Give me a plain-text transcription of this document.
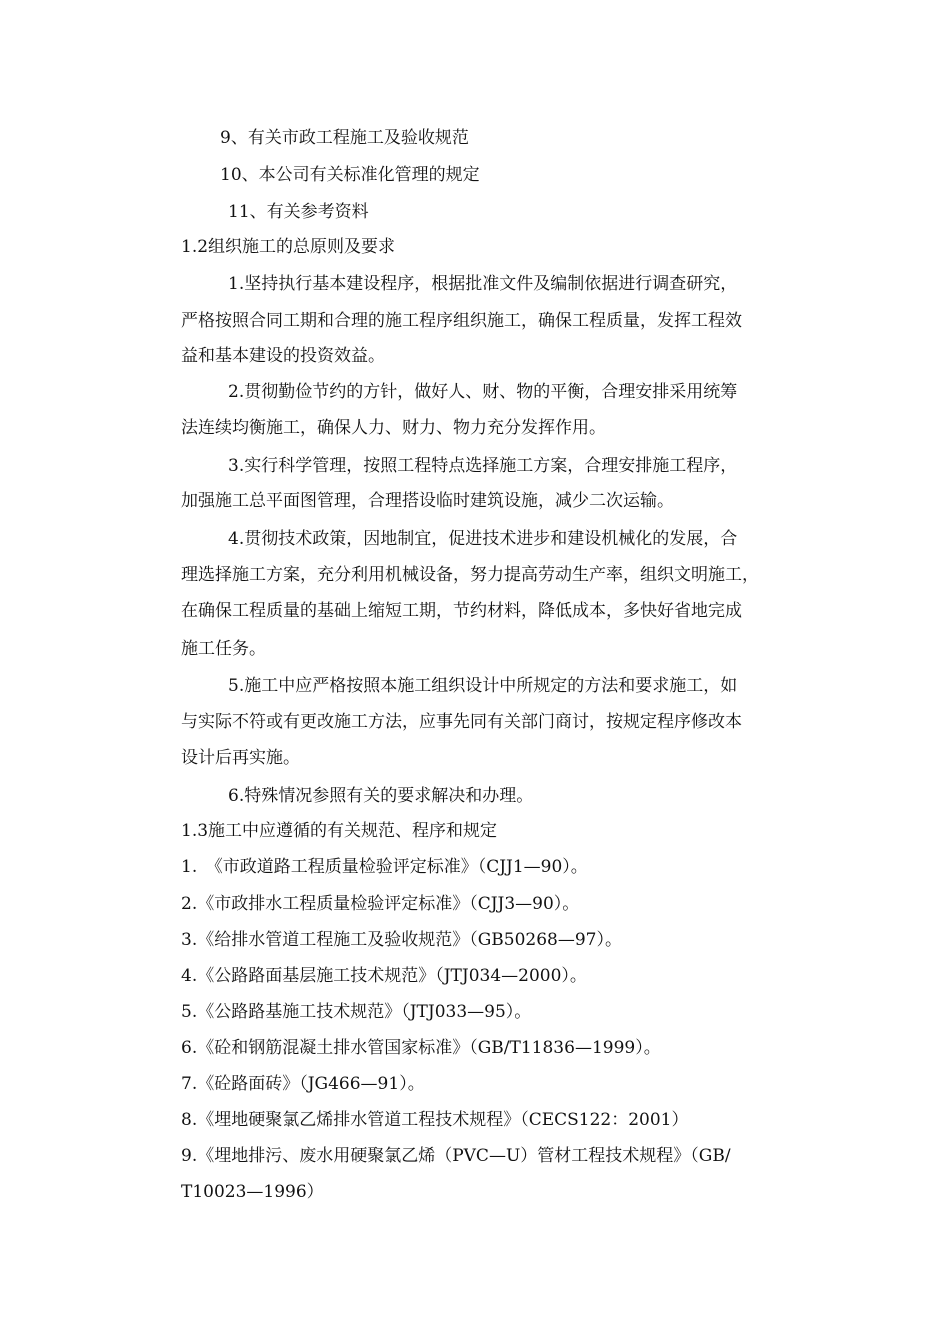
9、有关市政工程施工及验收规范
10、本公司有关标准化管理的规定
11、有关参考资料
1.2组织施工的总原则及要求
1.坚持执行基本建设程序，根据批准文件及编制依据进行调查研究，
严格按照合同工期和合理的施工程序组织施工，确保工程质量，发挥工程效
益和基本建设的投资效益。
2.贯彻勤俭节约的方针，做好人、财、物的平衡，合理安排采用统筹
法连续均衡施工，确保人力、财力、物力充分发挥作用。
3.实行科学管理，按照工程特点选择施工方案，合理安排施工程序，
加强施工总平面图管理，合理搭设临时建筑设施，减少二次运输。
4.贯彻技术政策，因地制宜，促进技术进步和建设机械化的发展，合
理选择施工方案，充分利用机械设备，努力提高劳动生产率，组织文明施工，
在确保工程质量的基础上缩短工期，节约材料，降低成本，多快好省地完成
施工任务。
5.施工中应严格按照本施工组织设计中所规定的方法和要求施工，如
与实际不符或有更改施工方法，应事先同有关部门商讨，按规定程序修改本
设计后再实施。
6.特殊情况参照有关的要求解决和办理。
1.3施工中应遵循的有关规范、程序和规定
1.　《市政道路工程质量检验评定标准》（CJJ1—90）。
2.《市政排水工程质量检验评定标准》（CJJ3—90）。
3.《给排水管道工程施工及验收规范》（GB50268—97）。
4.《公路路面基层施工技术规范》（JTJ034—2000）。
5.《公路路基施工技术规范》（JTJ033—95）。
6.《砼和钢筋混凝土排水管国家标准》（GB/T11836—1999）。
7.《砼路面砖》（JG466—91）。
8.《埋地硬聚氯乙烯排水管道工程技术规程》（CECS122：2001）
9.《埋地排污、废水用硬聚氯乙烯（PVC—U）管材工程技术规程》（GB/
T10023—1996）
